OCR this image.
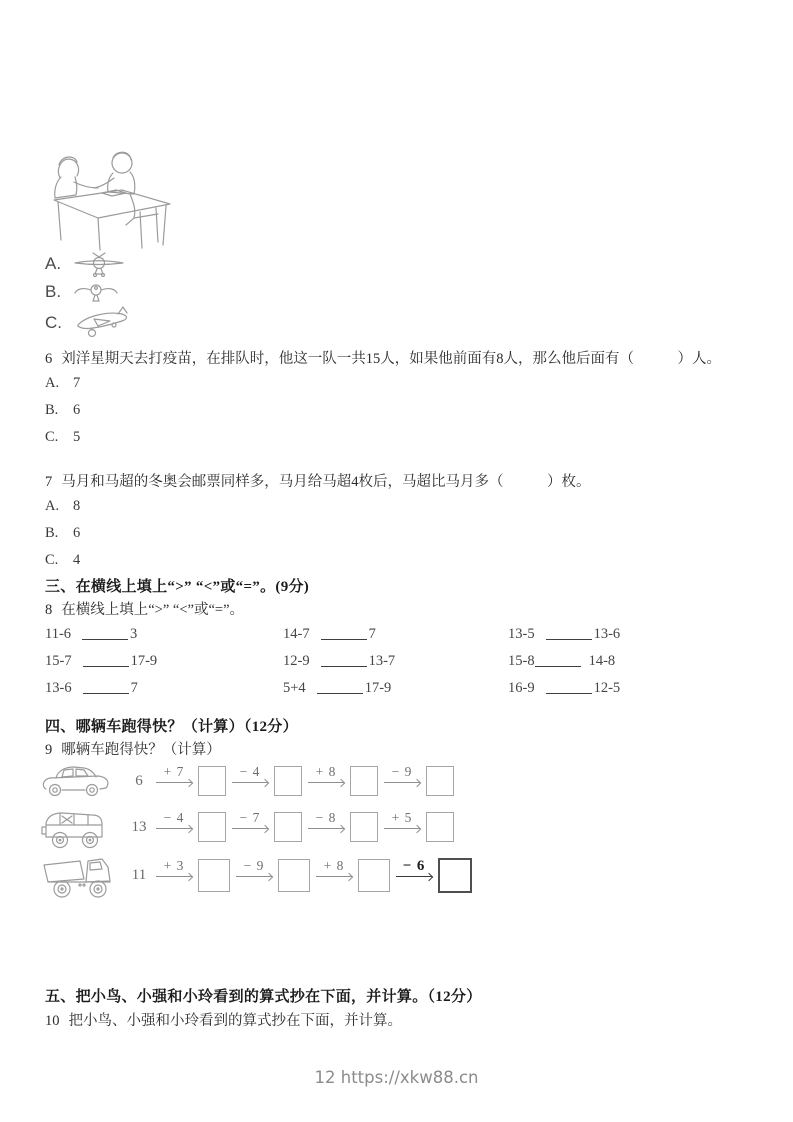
A.
B.
C.
6 刘洋星期天去打疫苗，在排队时，他这一队一共15人，如果他前面有8人，那么他后面有（　　　）人。
A. 7
B. 6
C. 5
7 马月和马超的冬奥会邮票同样多，马月给马超4枚后，马超比马月多（　　　）枚。
A. 8
B. 6
C. 4
三、在横线上填上“>” “<”或“=”。(9分)
8 在横线上填上“>” “<”或“=”。
11-6	3	14-7	7	13-5	13-6
15-7	17-9	12-9	13-7	15-8	14-8
13-6	7	5+4	17-9	16-9	12-5
四、哪辆车跑得快？（计算）（12分）
9 哪辆车跑得快？（计算）
6
+ 7	− 4	+ 8	− 9
13
− 4	− 7	− 8	+ 5
11
+ 3	− 9	+ 8	− 6
五、把小鸟、小强和小玲看到的算式抄在下面，并计算。（12分）
10 把小鸟、小强和小玲看到的算式抄在下面，并计算。
12 https://xkw88.cn
